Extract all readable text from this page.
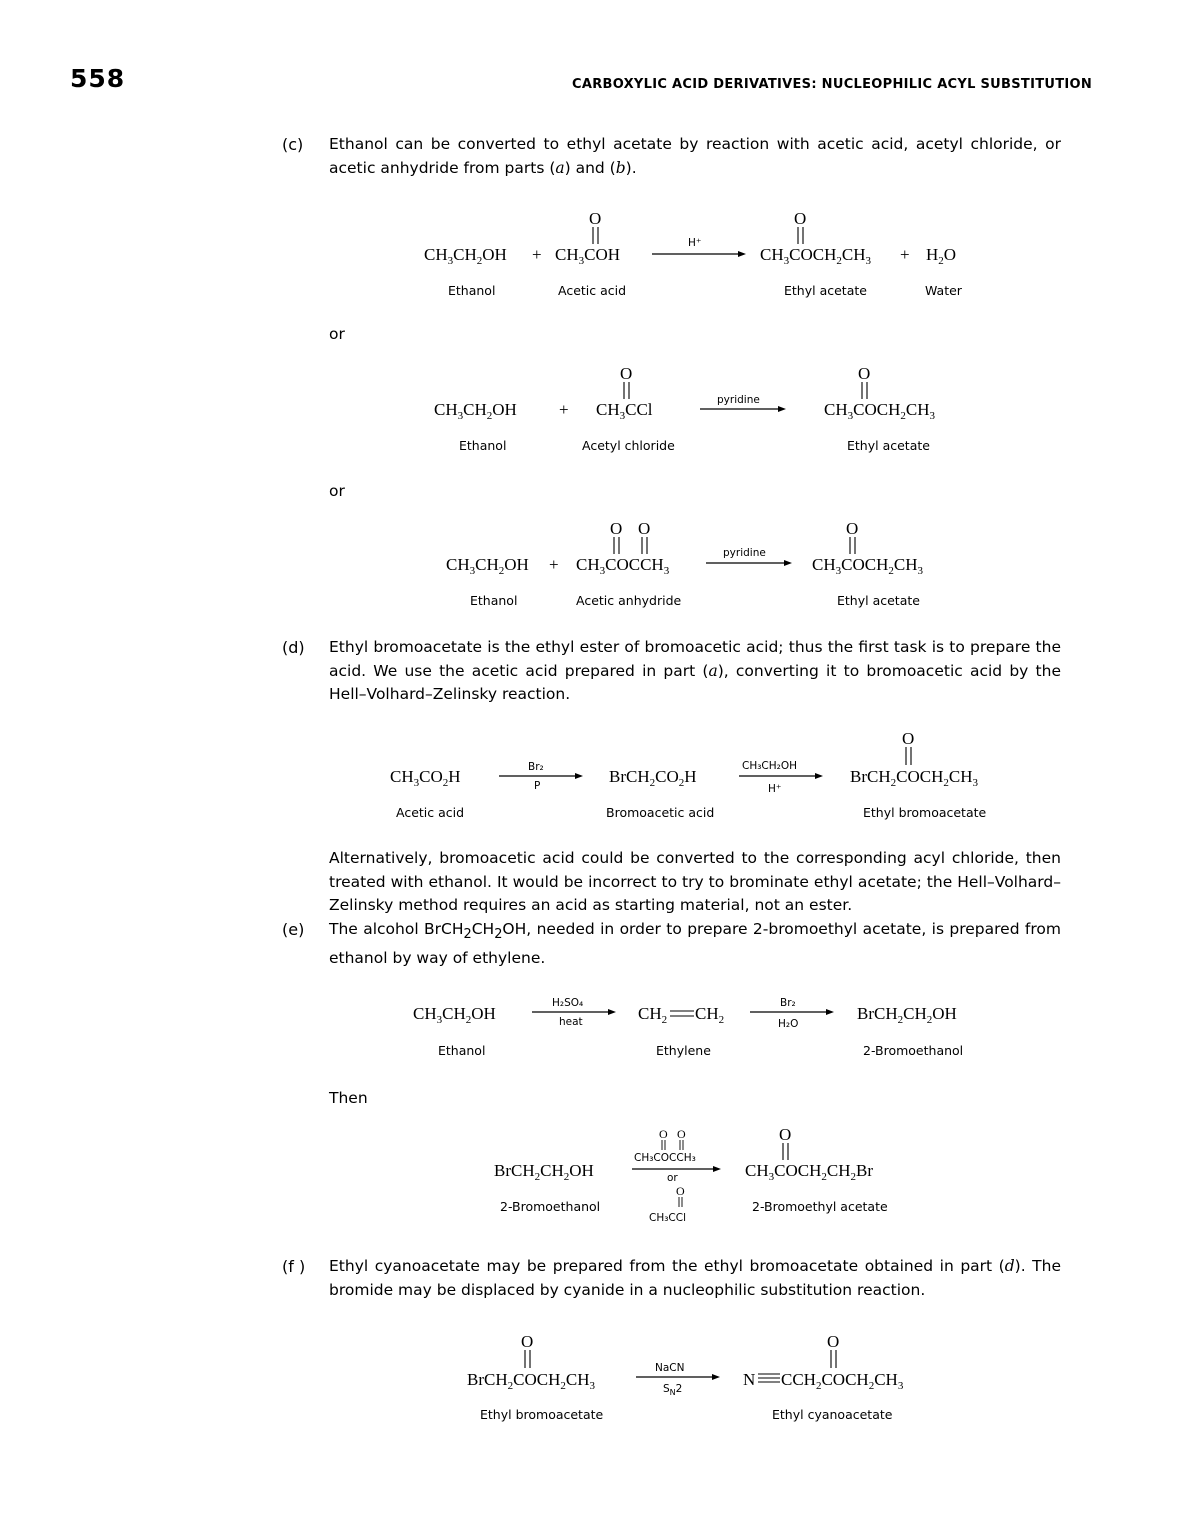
558	CARBOXYLIC ACID DERIVATIVES: NUCLEOPHILIC ACYL SUBSTITUTION
(c) Ethanol can be converted to ethyl acetate by reaction with acetic acid, acetyl chloride, or acetic anhydride from parts (a) and (b).
$CH_3CH_2OH + CH_3COH$
O
H⁺
$CH_3COCH_2CH_3$
O
+ $H_2O$
Ethanol	Acetic acid	Ethyl acetate	Water
or
$CH_3CH_2OH + CH_3CCl$
O
pyridine	$CH_3COCH_2CH_3$
O
Ethanol	Acetyl chloride	Ethyl acetate
or
$CH_3CH_2OH$ + $CH_3COCCH_3$
O O
pyridine
$CH_3COCH_2CH_3$
O
Ethanol	Acetic anhydride	Ethyl acetate
(d) Ethyl bromoacetate is the ethyl ester of bromoacetic acid; thus the first task is to prepare the acid. We use the acetic acid prepared in part (a), converting it to bromoacetic acid by the Hell–Volhard–Zelinsky reaction.
$CH_3CO_2H$	Br₂
P	$BrCH_2CO_2H$
CH₃CH₂OH
H⁺
$BrCH_2COCH_2CH_3$
O
Acetic acid	Bromoacetic acid	Ethyl bromoacetate
Alternatively, bromoacetic acid could be converted to the corresponding acyl chloride, then treated with ethanol. It would be incorrect to try to brominate ethyl acetate; the Hell–Volhard–Zelinsky method requires an acid as starting material, not an ester.
(e) The alcohol $BrCH_2CH_2OH$, needed in order to prepare 2-bromoethyl acetate, is prepared from ethanol by way of ethylene.
$CH_3CH_2OH$
H₂SO₄
heat	$CH_2$ $CH_2$
Br₂
H₂O
$BrCH_2CH_2OH$
Ethanol	Ethylene	2-Bromoethanol
Then
$BrCH_2CH_2OH$
O O
CH₃COCCH₃
or
O
CH₃CCl
$CH_3COCH_2CH_2Br$
O
2-Bromoethanol	2-Bromoethyl acetate
(f ) Ethyl cyanoacetate may be prepared from the ethyl bromoacetate obtained in part (d). The bromide may be displaced by cyanide in a nucleophilic substitution reaction.
$BrCH_2COCH_2CH_3$
O
NaCN
$S_N2$	N $CCH_2COCH_2CH_3$
O
Ethyl bromoacetate	Ethyl cyanoacetate
